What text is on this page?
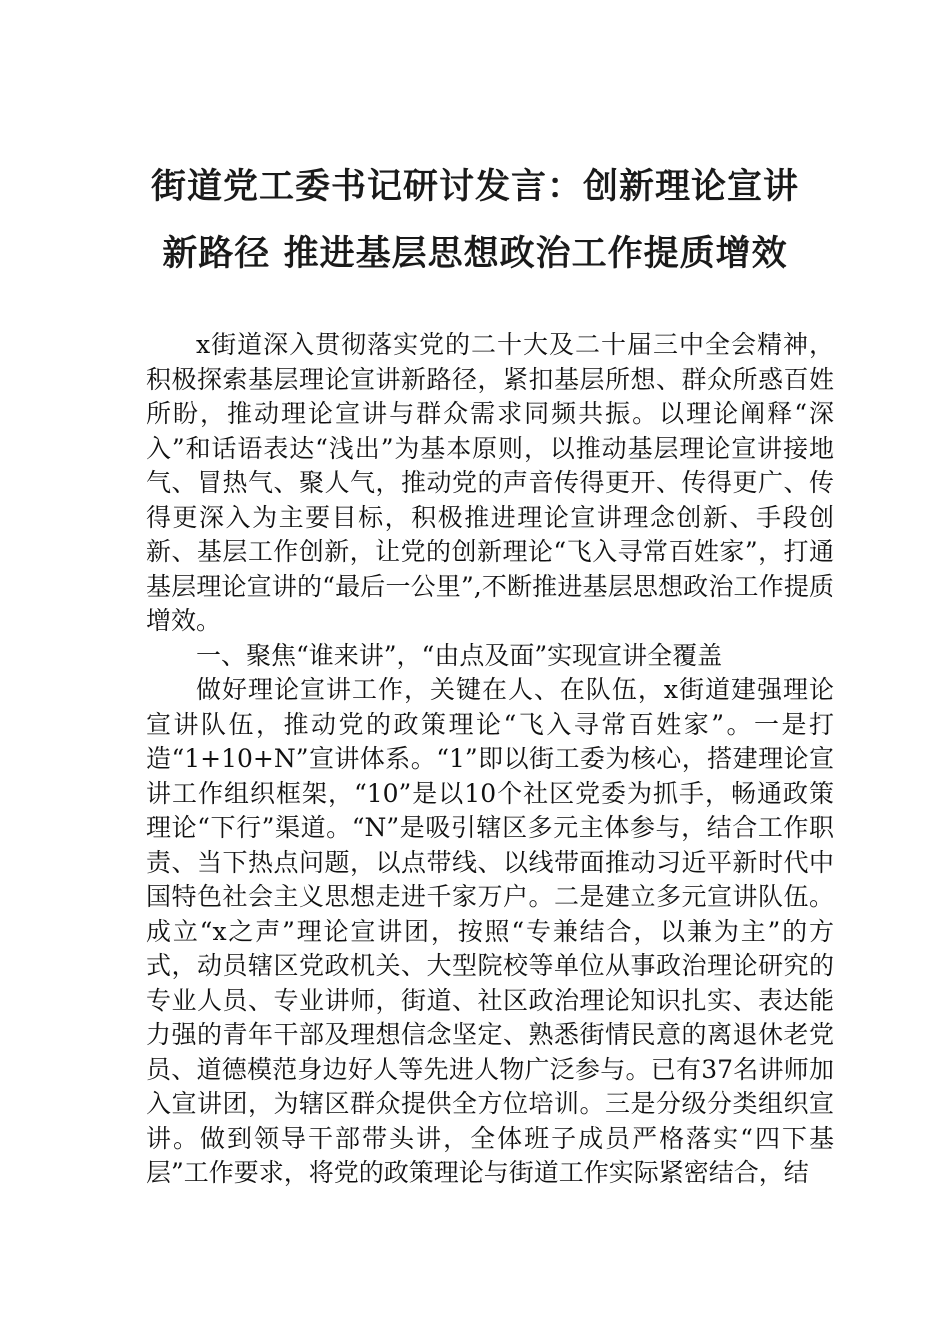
街道党工委书记研讨发言：创新理论宣讲
新路径 推进基层思想政治工作提质增效

x街道深入贯彻落实党的二十大及二十届三中全会精神，积极探索基层理论宣讲新路径，紧扣基层所想、群众所惑百姓所盼，推动理论宣讲与群众需求同频共振。以理论阐释“深入”和话语表达“浅出”为基本原则，以推动基层理论宣讲接地气、冒热气、聚人气，推动党的声音传得更开、传得更广、传得更深入为主要目标，积极推进理论宣讲理念创新、手段创新、基层工作创新，让党的创新理论“飞入寻常百姓家”，打通基层理论宣讲的“最后一公里”,不断推进基层思想政治工作提质增效。

一、聚焦“谁来讲”，“由点及面”实现宣讲全覆盖

做好理论宣讲工作，关键在人、在队伍，x街道建强理论宣讲队伍，推动党的政策理论“飞入寻常百姓家”。一是打造“1+10+N”宣讲体系。“1”即以街工委为核心，搭建理论宣讲工作组织框架，“10”是以10个社区党委为抓手，畅通政策理论“下行”渠道。“N”是吸引辖区多元主体参与，结合工作职责、当下热点问题，以点带线、以线带面推动习近平新时代中国特色社会主义思想走进千家万户。二是建立多元宣讲队伍。成立“x之声”理论宣讲团，按照“专兼结合，以兼为主”的方式，动员辖区党政机关、大型院校等单位从事政治理论研究的专业人员、专业讲师，街道、社区政治理论知识扎实、表达能力强的青年干部及理想信念坚定、熟悉街情民意的离退休老党员、道德模范身边好人等先进人物广泛参与。已有37名讲师加入宣讲团，为辖区群众提供全方位培训。三是分级分类组织宣讲。做到领导干部带头讲，全体班子成员严格落实“四下基层”工作要求，将党的政策理论与街道工作实际紧密结合，结
